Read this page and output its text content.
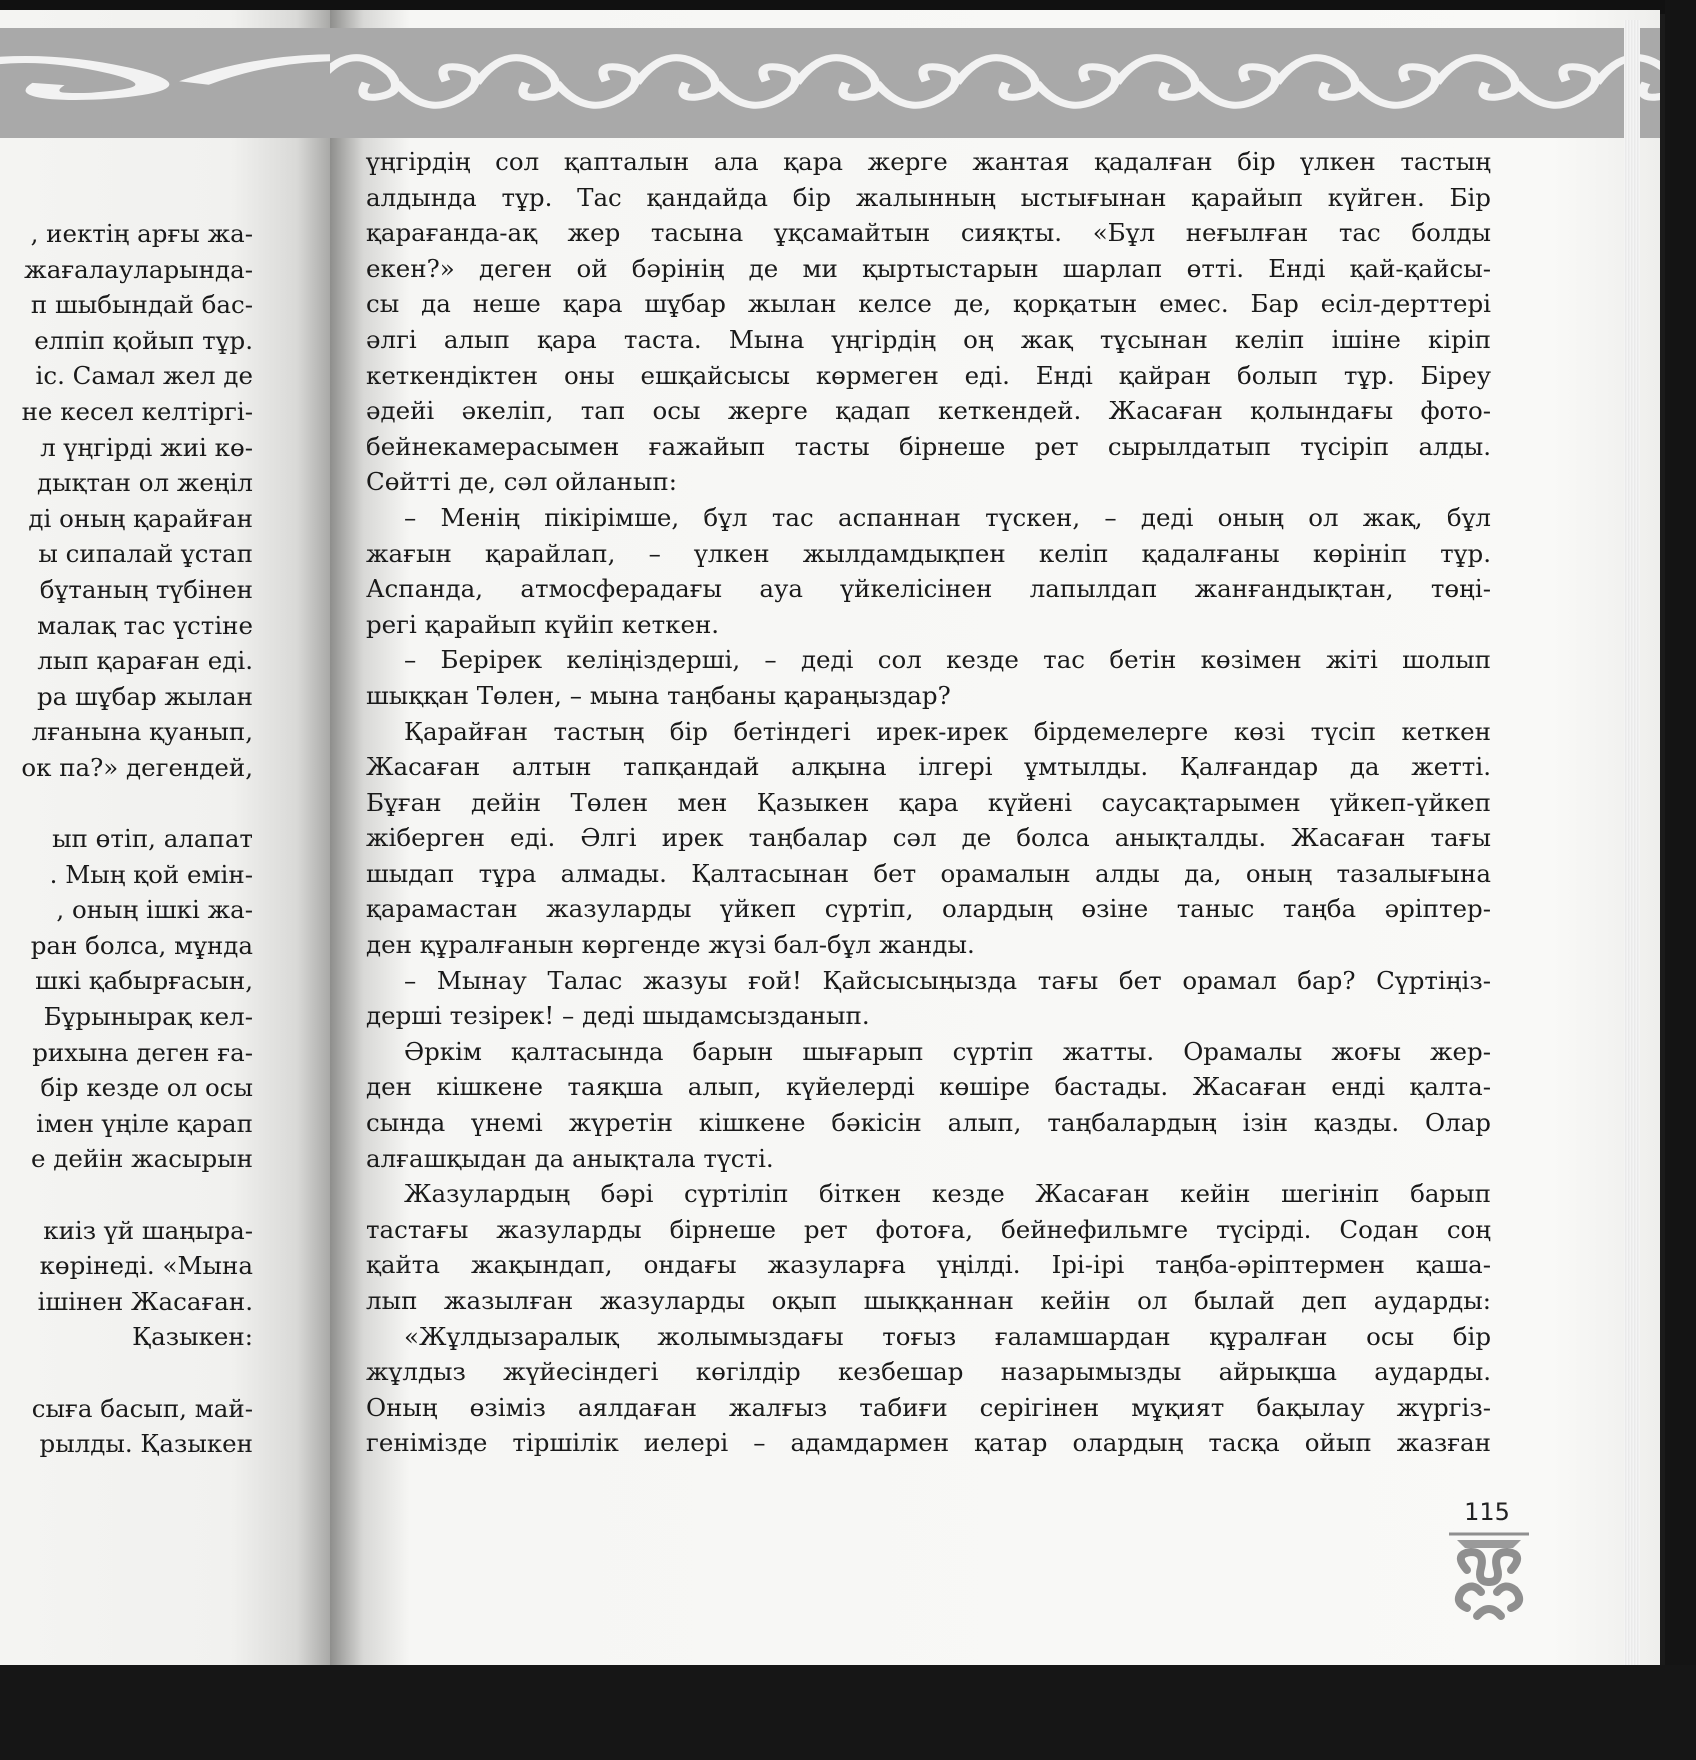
, иектің арғы жа-
жағалауларында-
п шыбындай бас-
елпіп қойып тұр.
іс. Самал жел де
не кесел келтіргі-
л үңгірді жиі кө-
дықтан ол жеңіл
ді оның қарайған
ы сипалай ұстап
бұтаның түбінен
малақ тас үстіне
лып қараған еді.
ра шұбар жылан
лғанына қуанып,
ок па?» дегендей,
ып өтіп, алапат
. Мың қой емін-
, оның ішкі жа-
ран болса, мұнда
шкі қабырғасын,
Бұрынырақ кел-
рихына деген ға-
бір кезде ол осы
імен үңіле қарап
е дейін жасырын
киіз үй шаңыра-
көрінеді. «Мына
ішінен Жасаған.
Қазыкен:
сыға басып, май-
рылды. Қазыкен
үңгірдің сол қапталын ала қара жерге жантая қадалған бір үлкен тастың
алдында тұр. Тас қандайда бір жалынның ыстығынан қарайып күйген. Бір
қарағанда-ақ жер тасына ұқсамайтын сияқты. «Бұл неғылған тас болды
екен?» деген ой бәрінің де ми қыртыстарын шарлап өтті. Енді қай-қайсы-
сы да неше қара шұбар жылан келсе де, қорқатын емес. Бар есіл-дерттері
әлгі алып қара таста. Мына үңгірдің оң жақ тұсынан келіп ішіне кіріп
кеткендіктен оны ешқайсысы көрмеген еді. Енді қайран болып тұр. Біреу
әдейі әкеліп, тап осы жерге қадап кеткендей. Жасаған қолындағы фото-
бейнекамерасымен ғажайып тасты бірнеше рет сырылдатып түсіріп алды.
Сөйтті де, сәл ойланып:
– Менің пікірімше, бұл тас аспаннан түскен, – деді оның ол жақ, бұл
жағын қарайлап, – үлкен жылдамдықпен келіп қадалғаны көрініп тұр.
Аспанда, атмосферадағы ауа үйкелісінен лапылдап жанғандықтан, төңі-
регі қарайып күйіп кеткен.
– Берірек келіңіздерші, – деді сол кезде тас бетін көзімен жіті шолып
шыққан Төлен, – мына таңбаны қараңыздар?
Қарайған тастың бір бетіндегі ирек-ирек бірдемелерге көзі түсіп кеткен
Жасаған алтын тапқандай алқына ілгері ұмтылды. Қалғандар да жетті.
Бұған дейін Төлен мен Қазыкен қара күйені саусақтарымен үйкеп-үйкеп
жіберген еді. Әлгі ирек таңбалар сәл де болса анықталды. Жасаған тағы
шыдап тұра алмады. Қалтасынан бет орамалын алды да, оның тазалығына
қарамастан жазуларды үйкеп сүртіп, олардың өзіне таныс таңба әріптер-
ден құралғанын көргенде жүзі бал-бұл жанды.
– Мынау Талас жазуы ғой! Қайсысыңызда тағы бет орамал бар? Сүртіңіз-
дерші тезірек! – деді шыдамсызданып.
Әркім қалтасында барын шығарып сүртіп жатты. Орамалы жоғы жер-
ден кішкене таяқша алып, күйелерді көшіре бастады. Жасаған енді қалта-
сында үнемі жүретін кішкене бәкісін алып, таңбалардың ізін қазды. Олар
алғашқыдан да анықтала түсті.
Жазулардың бәрі сүртіліп біткен кезде Жасаған кейін шегініп барып
тастағы жазуларды бірнеше рет фотоға, бейнефильмге түсірді. Содан соң
қайта жақындап, ондағы жазуларға үңілді. Ірі-ірі таңба-әріптермен қаша-
лып жазылған жазуларды оқып шыққаннан кейін ол былай деп аударды:
«Жұлдызаралық жолымыздағы тоғыз ғаламшардан құралған осы бір
жұлдыз жүйесіндегі көгілдір кезбешар назарымызды айрықша аударды.
Оның өзіміз аялдаған жалғыз табиғи серігінен мұқият бақылау жүргіз-
генімізде тіршілік иелері – адамдармен қатар олардың тасқа ойып жазған
115
